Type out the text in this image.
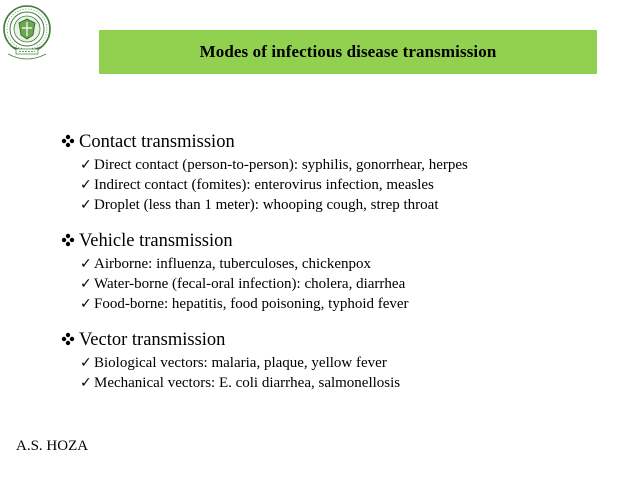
Modes of infectious disease transmission
Contact transmission
✓ Direct contact (person-to-person): syphilis, gonorrhear, herpes
✓ Indirect contact (fomites): enterovirus infection, measles
✓ Droplet (less than 1 meter): whooping cough, strep throat
Vehicle transmission
✓ Airborne: influenza, tuberculoses, chickenpox
✓ Water-borne (fecal-oral infection): cholera, diarrhea
✓ Food-borne: hepatitis, food poisoning, typhoid fever
Vector transmission
✓ Biological vectors: malaria, plaque, yellow fever
✓ Mechanical vectors: E. coli diarrhea, salmonellosis
A.S. HOZA
